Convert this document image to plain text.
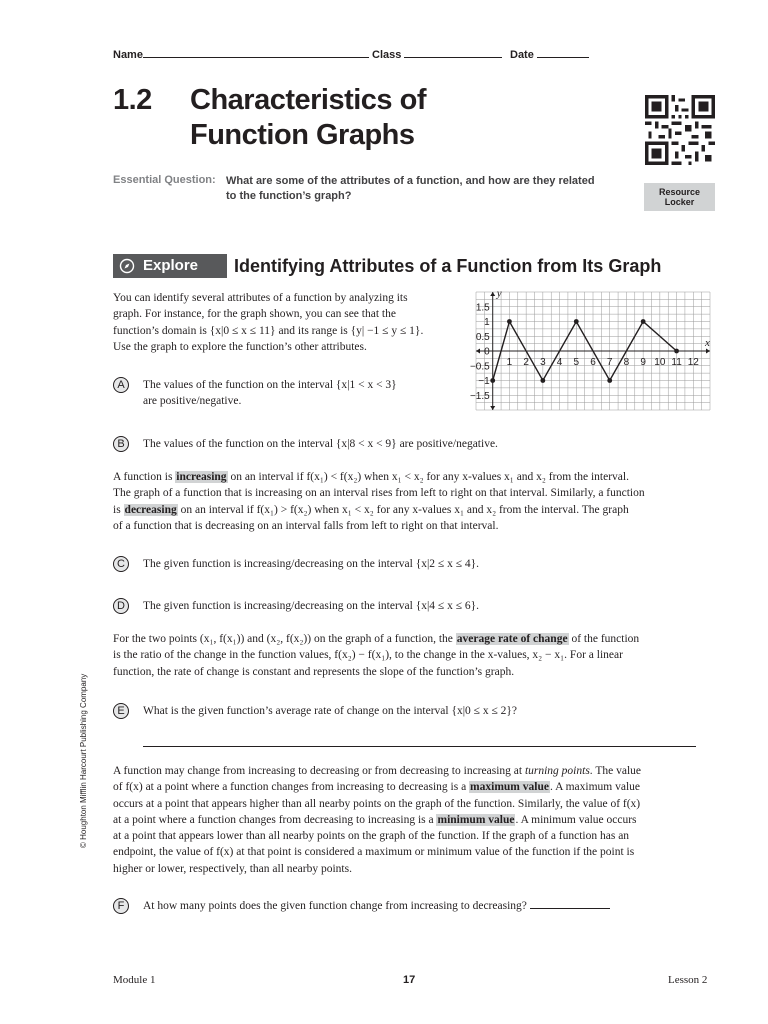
Name	Class	Date
1.2 Characteristics of
Function Graphs
Resource
Locker
Essential Question: What are some of the attributes of a function, and how are they related
to the function’s graph?
Explore Identifying Attributes of a Function from Its Graph
You can identify several attributes of a function by analyzing its
graph. For instance, for the graph shown, you can see that the
function’s domain is {x|0 ≤ x ≤ 11} and its range is {y| −1 ≤ y ≤ 1}.
Use the graph to explore the function’s other attributes.
1 2 3 4 5 6 7 8 9 10 11 12
1.5
1
0.5
0
−0.5
−1
−1.5
x
y
A	The values of the function on the interval {x|1 < x < 3}
are positive/negative.
B	The values of the function on the interval {x|8 < x < 9} are positive/negative.
A function is increasing on an interval if f(x₁) < f(x₂) when x₁ < x₂ for any x-values x₁ and x₂ from the interval.
The graph of a function that is increasing on an interval rises from left to right on that interval. Similarly, a function
is decreasing on an interval if f(x₁) > f(x₂) when x₁ < x₂ for any x-values x₁ and x₂ from the interval. The graph
of a function that is decreasing on an interval falls from left to right on that interval.
C	The given function is increasing/decreasing on the interval {x|2 ≤ x ≤ 4}.
D	The given function is increasing/decreasing on the interval {x|4 ≤ x ≤ 6}.
For the two points (x₁, f(x₁)) and (x₂, f(x₂)) on the graph of a function, the average rate of change of the function
is the ratio of the change in the function values, f(x₂) − f(x₁), to the change in the x-values, x₂ − x₁. For a linear
function, the rate of change is constant and represents the slope of the function’s graph.
E	What is the given function’s average rate of change on the interval {x|0 ≤ x ≤ 2}?
A function may change from increasing to decreasing or from decreasing to increasing at turning points. The value
of f(x) at a point where a function changes from increasing to decreasing is a maximum value. A maximum value
occurs at a point that appears higher than all nearby points on the graph of the function. Similarly, the value of f(x)
at a point where a function changes from decreasing to increasing is a minimum value. A minimum value occurs
at a point that appears lower than all nearby points on the graph of the function. If the graph of a function has an
endpoint, the value of f(x) at that point is considered a maximum or minimum value of the function if the point is
higher or lower, respectively, than all nearby points.
F	At how many points does the given function change from increasing to decreasing?
© Houghton Mifflin Harcourt Publishing Company
Module 1	17	Lesson 2
